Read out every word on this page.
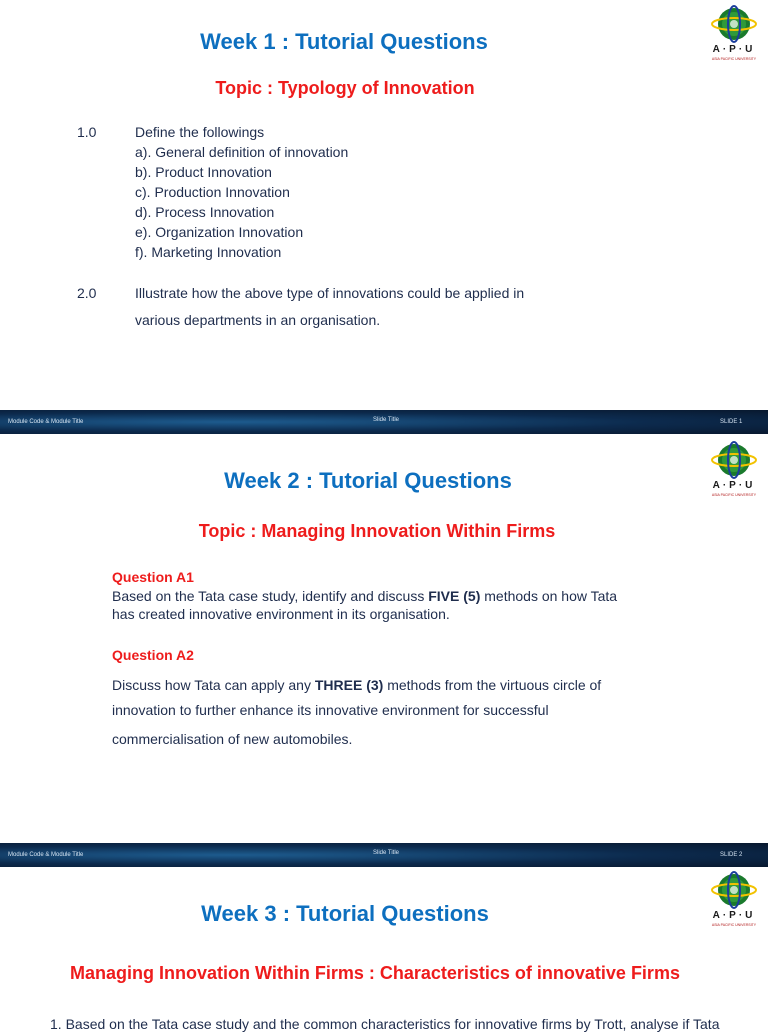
Week 1 : Tutorial Questions	A·P·U
ASIA PACIFIC UNIVERSITY
Topic : Typology of Innovation
1.0	Define the followings
a). General definition of innovation
b). Product Innovation
c). Production Innovation
d). Process Innovation
e). Organization Innovation
f). Marketing Innovation
2.0	Illustrate how the above type of innovations could be applied in
various departments in an organisation.
Module Code & Module Title	Slide Title	SLIDE 1
Week 2 : Tutorial Questions	A·P·U
ASIA PACIFIC UNIVERSITY
Topic : Managing Innovation Within Firms
Question A1
Based on the Tata case study, identify and discuss FIVE (5) methods on how Tata
has created innovative environment in its organisation.
Question A2
Discuss how Tata can apply any THREE (3) methods from the virtuous circle of
innovation to further enhance its innovative environment for successful
commercialisation of new automobiles.
Module Code & Module Title	Slide Title	SLIDE 2
Week 3 : Tutorial Questions	A·P·U
ASIA PACIFIC UNIVERSITY
Managing Innovation Within Firms : Characteristics of innovative Firms
1. Based on the Tata case study and the common characteristics for innovative firms by Trott, analyse if Tata
